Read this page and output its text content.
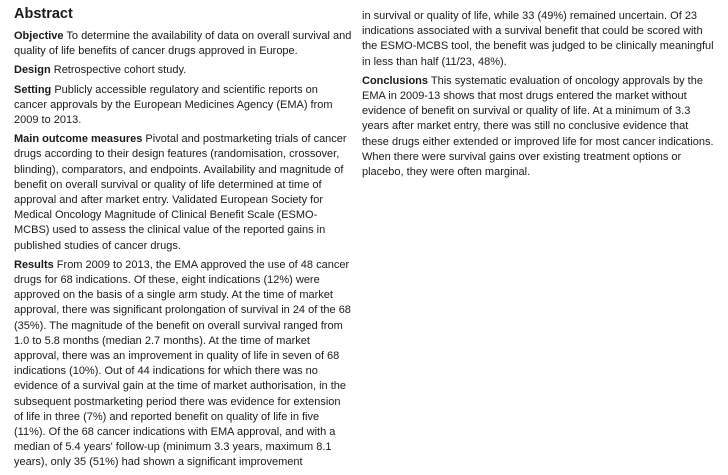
Abstract

Objective To determine the availability of data on overall survival and quality of life benefits of cancer drugs approved in Europe.

Design Retrospective cohort study.

Setting Publicly accessible regulatory and scientific reports on cancer approvals by the European Medicines Agency (EMA) from 2009 to 2013.

Main outcome measures Pivotal and postmarketing trials of cancer drugs according to their design features (randomisation, crossover, blinding), comparators, and endpoints. Availability and magnitude of benefit on overall survival or quality of life determined at time of approval and after market entry. Validated European Society for Medical Oncology Magnitude of Clinical Benefit Scale (ESMO-MCBS) used to assess the clinical value of the reported gains in published studies of cancer drugs.

Results From 2009 to 2013, the EMA approved the use of 48 cancer drugs for 68 indications. Of these, eight indications (12%) were approved on the basis of a single arm study. At the time of market approval, there was significant prolongation of survival in 24 of the 68 (35%). The magnitude of the benefit on overall survival ranged from 1.0 to 5.8 months (median 2.7 months). At the time of market approval, there was an improvement in quality of life in seven of 68 indications (10%). Out of 44 indications for which there was no evidence of a survival gain at the time of market authorisation, in the subsequent postmarketing period there was evidence for extension of life in three (7%) and reported benefit on quality of life in five (11%). Of the 68 cancer indications with EMA approval, and with a median of 5.4 years' follow-up (minimum 3.3 years, maximum 8.1 years), only 35 (51%) had shown a significant improvement

in survival or quality of life, while 33 (49%) remained uncertain. Of 23 indications associated with a survival benefit that could be scored with the ESMO-MCBS tool, the benefit was judged to be clinically meaningful in less than half (11/23, 48%).

Conclusions This systematic evaluation of oncology approvals by the EMA in 2009-13 shows that most drugs entered the market without evidence of benefit on survival or quality of life. At a minimum of 3.3 years after market entry, there was still no conclusive evidence that these drugs either extended or improved life for most cancer indications. When there were survival gains over existing treatment options or placebo, they were often marginal.
